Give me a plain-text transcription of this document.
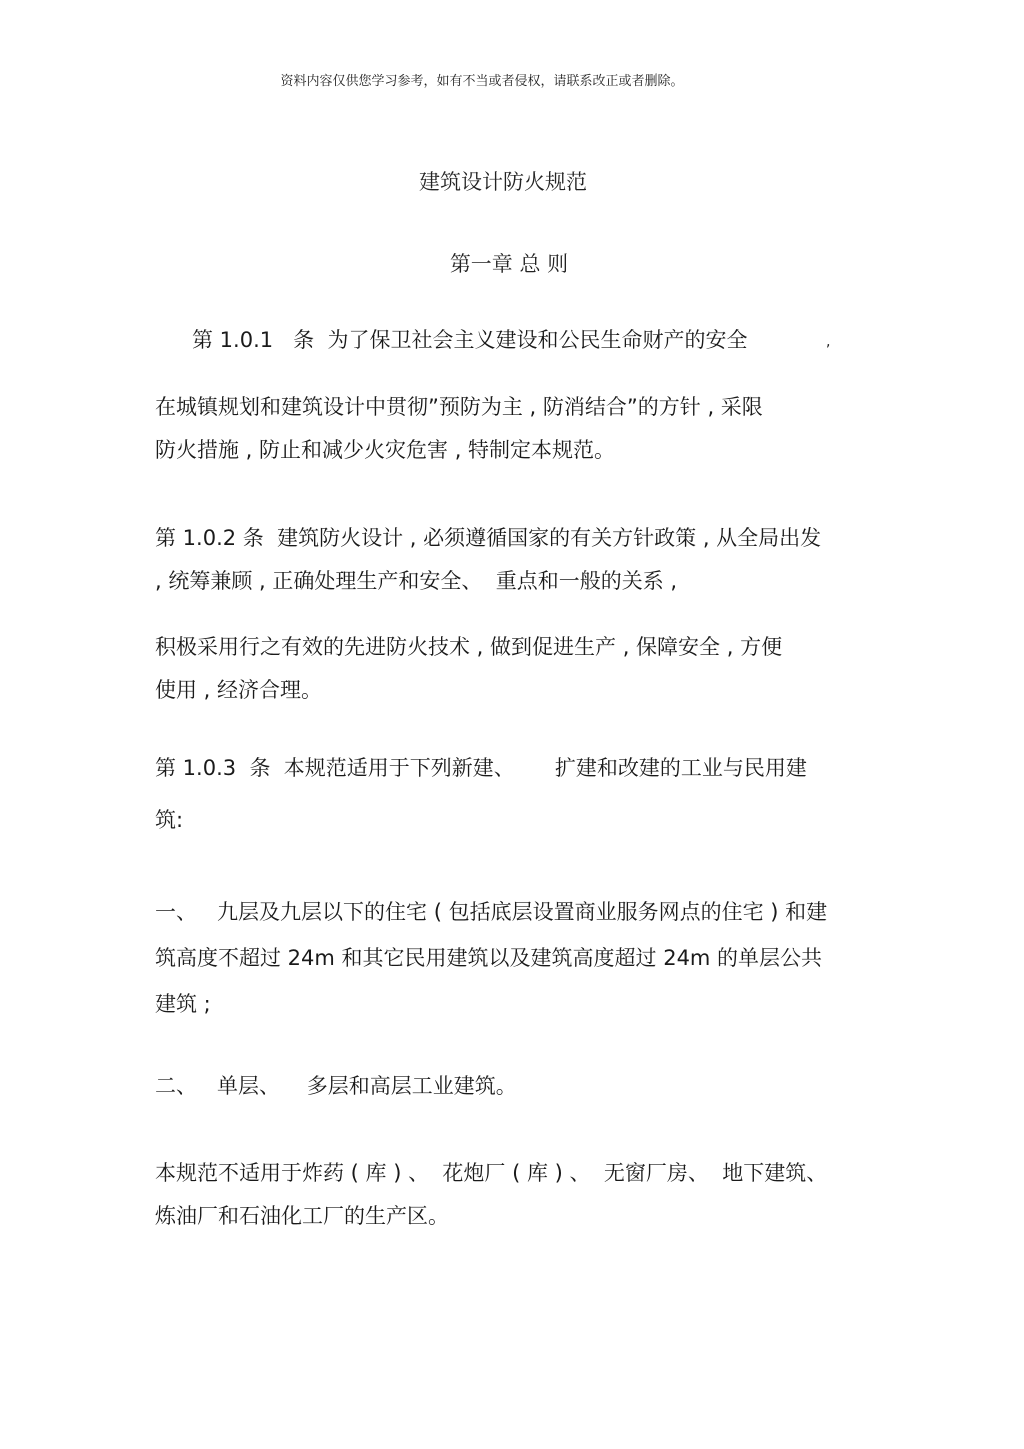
资料内容仅供您学习参考，如有不当或者侵权，请联系改正或者删除。
建筑设计防火规范
第一章 总 则
第 1.0.1   条  为了保卫社会主义建设和公民生命财产的安全	,
在城镇规划和建筑设计中贯彻”预防为主 , 防消结合”的方针 , 采限
防火措施 , 防止和减少火灾危害 , 特制定本规范。
第 1.0.2 条  建筑防火设计 , 必须遵循国家的有关方针政策 , 从全局出发
, 统筹兼顾 , 正确处理生产和安全、  重点和一般的关系 ,
积极采用行之有效的先进防火技术 , 做到促进生产 , 保障安全 , 方便
使用 , 经济合理。
第 1.0.3  条  本规范适用于下列新建、      扩建和改建的工业与民用建
筑:
一、   九层及九层以下的住宅 ( 包括底层设置商业服务网点的住宅 ) 和建
筑高度不超过 24m 和其它民用建筑以及建筑高度超过 24m 的单层公共
建筑 ;
二、   单层、    多层和高层工业建筑。
本规范不适用于炸药 ( 库 ) 、  花炮厂 ( 库 ) 、  无窗厂房、  地下建筑、
炼油厂和石油化工厂的生产区。
